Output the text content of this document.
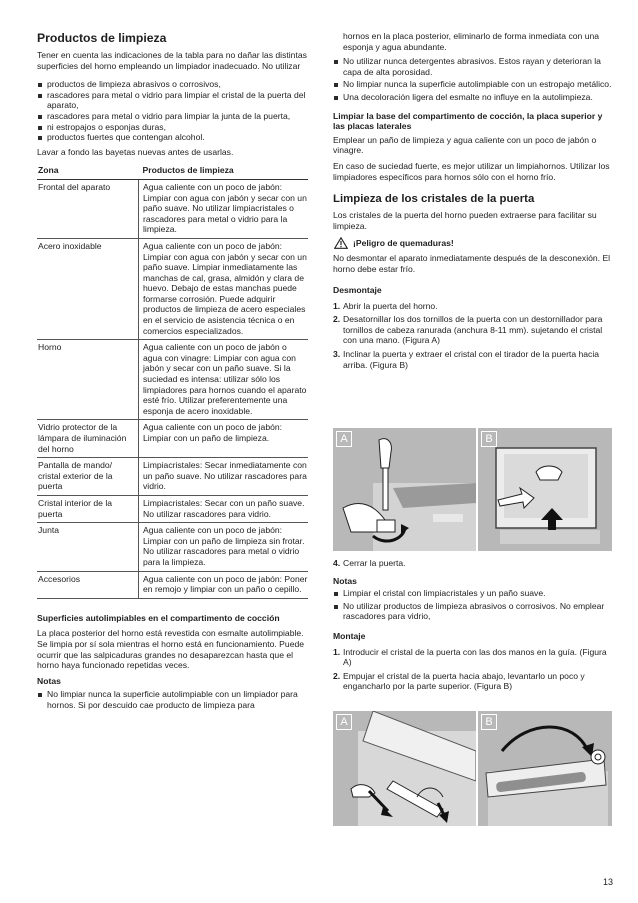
Productos de limpieza

Tener en cuenta las indicaciones de la tabla para no dañar las distintas superficies del horno empleando un limpiador inadecuado. No utilizar

productos de limpieza abrasivos o corrosivos,
rascadores para metal o vidrio para limpiar el cristal de la puerta del aparato,
rascadores para metal o vidrio para limpiar la junta de la puerta,
ni estropajos o esponjas duras,
productos fuertes que contengan alcohol.

Lavar a fondo las bayetas nuevas antes de usarlas.

Zona	Productos de limpieza
Frontal del aparato	Agua caliente con un poco de jabón: Limpiar con agua con jabón y secar con un paño suave. No utilizar limpiacristales o rascadores para metal o vidrio para la limpieza.
Acero inoxidable	Agua caliente con un poco de jabón: Limpiar con agua con jabón y secar con un paño suave. Limpiar inmediatamente las manchas de cal, grasa, almidón y clara de huevo. Debajo de estas manchas puede formarse corrosión. Puede adquirir productos de limpieza de acero especiales en el servicio de asistencia técnica o en comercios especializados.
Horno	Agua caliente con un poco de jabón o agua con vinagre: Limpiar con agua con jabón y secar con un paño suave. Si la suciedad es intensa: utilizar sólo los limpiadores para hornos cuando el aparato esté frío. Utilizar preferentemente una esponja de acero inoxidable.
Vidrio protector de la lámpara de iluminación del horno	Agua caliente con un poco de jabón: Limpiar con un paño de limpieza.
Pantalla de mando/ cristal exterior de la puerta	Limpiacristales: Secar inmediatamente con un paño suave. No utilizar rascadores para vidrio.
Cristal interior de la puerta	Limpiacristales: Secar con un paño suave. No utilizar rascadores para vidrio.
Junta	Agua caliente con un poco de jabón: Limpiar con un paño de limpieza sin frotar. No utilizar rascadores para metal o vidrio para la limpieza.
Accesorios	Agua caliente con un poco de jabón: Poner en remojo y limpiar con un paño o cepillo.

Superficies autolimpiables en el compartimento de cocción

La placa posterior del horno está revestida con esmalte autolimpiable. Se limpia por sí sola mientras el horno está en funcionamiento. Puede ocurrir que las salpicaduras grandes no desaparezcan hasta que el horno haya funcionado repetidas veces.

Notas

No limpiar nunca la superficie autolimpiable con un limpiador para hornos. Si por descuido cae producto de limpieza para

hornos en la placa posterior, eliminarlo de forma inmediata con una esponja y agua abundante.

No utilizar nunca detergentes abrasivos. Estos rayan y deterioran la capa de alta porosidad.
No limpiar nunca la superficie autolimpiable con un estropajo metálico.
Una decoloración ligera del esmalte no influye en la autolimpieza.

Limpiar la base del compartimento de cocción, la placa superior y las placas laterales

Emplear un paño de limpieza y agua caliente con un poco de jabón o vinagre.

En caso de suciedad fuerte, es mejor utilizar un limpiahornos. Utilizar los limpiadores específicos para hornos sólo con el horno frío.

Limpieza de los cristales de la puerta

Los cristales de la puerta del horno pueden extraerse para facilitar su limpieza.

¡Peligro de quemaduras!

No desmontar el aparato inmediatamente después de la desconexión. El horno debe estar frío.

Desmontaje

1. Abrir la puerta del horno.
2. Desatornillar los dos tornillos de la puerta con un destornillador para tornillos de cabeza ranurada (anchura 8-11 mm). sujetando el cristal con una mano. (Figura A)
3. Inclinar la puerta y extraer el cristal con el tirador de la puerta hacia arriba. (Figura B)
A	B
4. Cerrar la puerta.

Notas

Limpiar el cristal con limpiacristales y un paño suave.
No utilizar productos de limpieza abrasivos o corrosivos. No emplear rascadores para vidrio,

Montaje

1. Introducir el cristal de la puerta con las dos manos en la guía. (Figura A)
2. Empujar el cristal de la puerta hacia abajo, levantarlo un poco y engancharlo por la parte superior. (Figura B)
A	B
13
